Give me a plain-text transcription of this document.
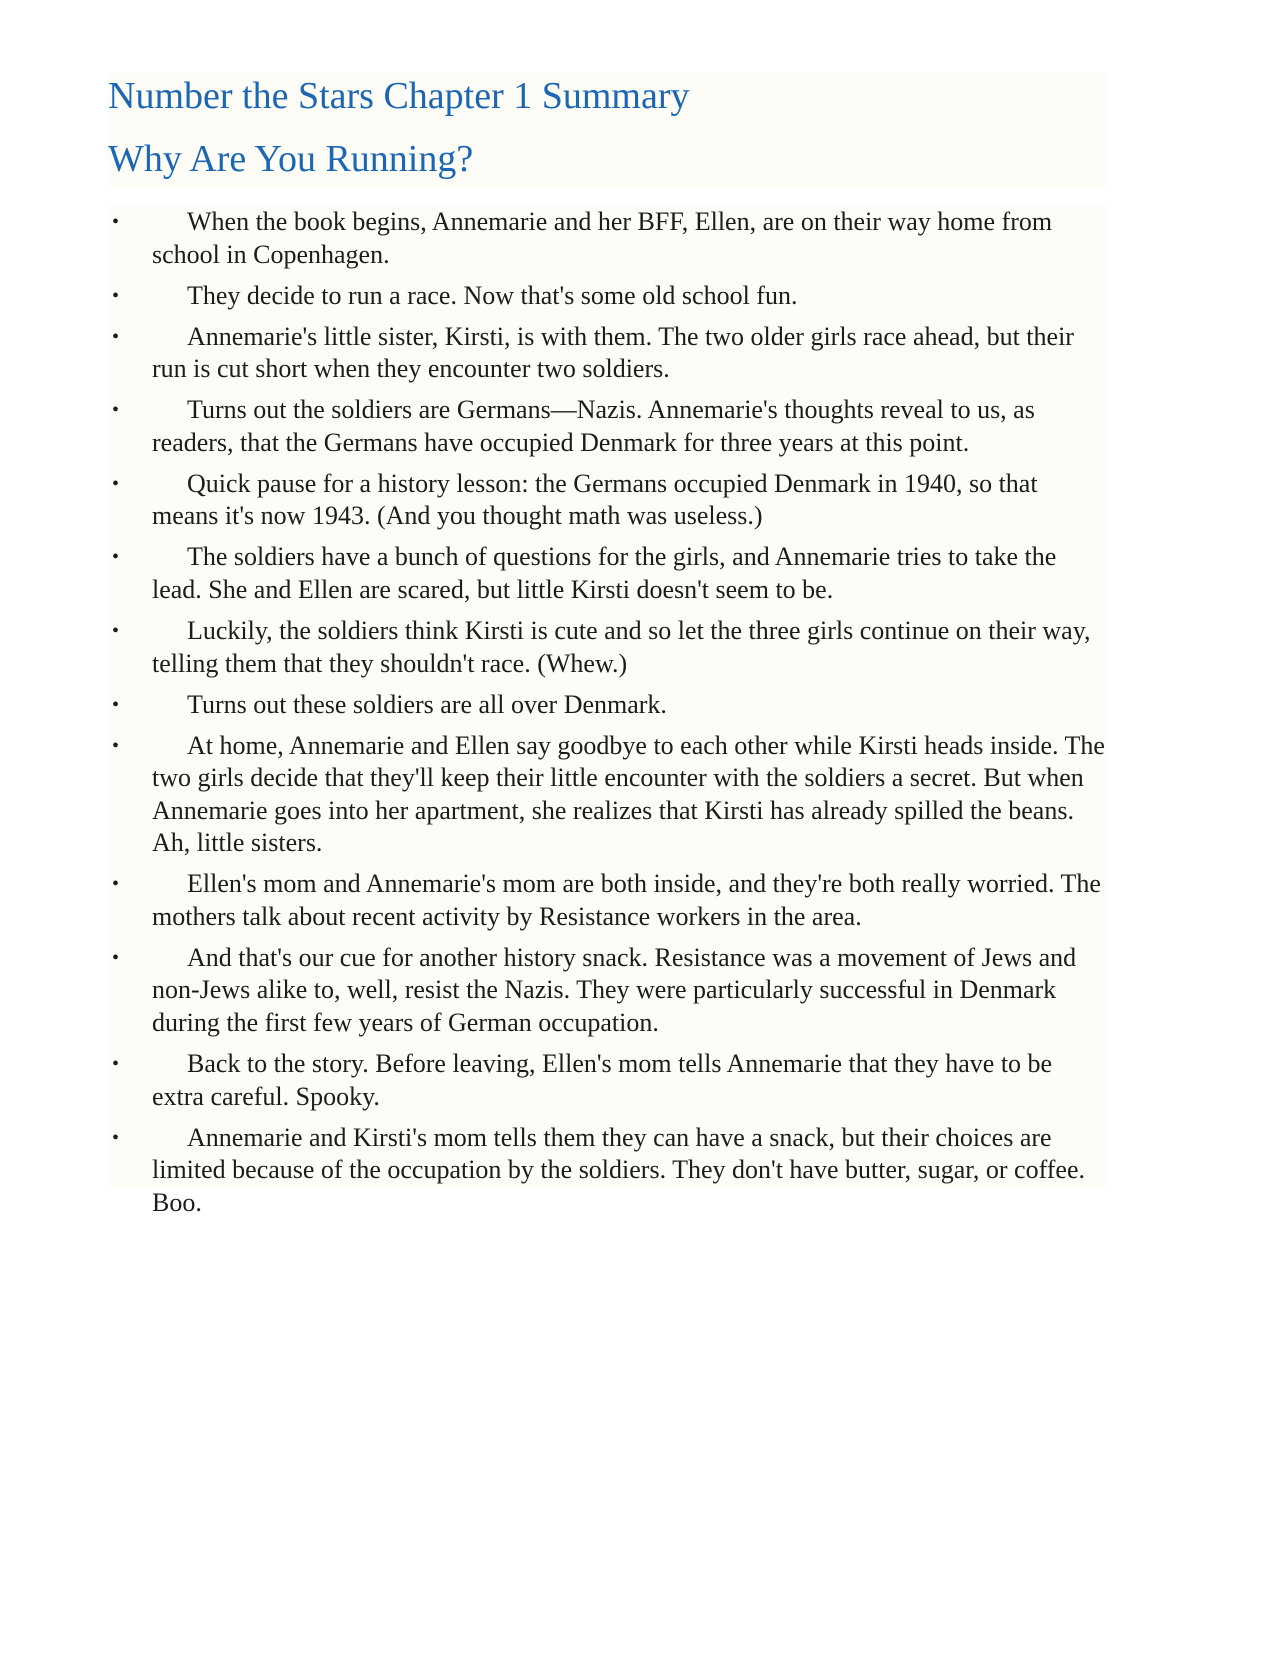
Number the Stars Chapter 1 Summary
Why Are You Running?
•	When the book begins, Annemarie and her BFF, Ellen, are on their way home from school in Copenhagen.
•	They decide to run a race. Now that's some old school fun.
•	Annemarie's little sister, Kirsti, is with them. The two older girls race ahead, but their run is cut short when they encounter two soldiers.
•	Turns out the soldiers are Germans—Nazis. Annemarie's thoughts reveal to us, as readers, that the Germans have occupied Denmark for three years at this point.
•	Quick pause for a history lesson: the Germans occupied Denmark in 1940, so that means it's now 1943. (And you thought math was useless.)
•	The soldiers have a bunch of questions for the girls, and Annemarie tries to take the lead. She and Ellen are scared, but little Kirsti doesn't seem to be.
•	Luckily, the soldiers think Kirsti is cute and so let the three girls continue on their way, telling them that they shouldn't race. (Whew.)
•	Turns out these soldiers are all over Denmark.
•	At home, Annemarie and Ellen say goodbye to each other while Kirsti heads inside. The two girls decide that they'll keep their little encounter with the soldiers a secret. But when Annemarie goes into her apartment, she realizes that Kirsti has already spilled the beans. Ah, little sisters.
•	Ellen's mom and Annemarie's mom are both inside, and they're both really worried. The mothers talk about recent activity by Resistance workers in the area.
•	And that's our cue for another history snack. Resistance was a movement of Jews and non-Jews alike to, well, resist the Nazis. They were particularly successful in Denmark during the first few years of German occupation.
•	Back to the story. Before leaving, Ellen's mom tells Annemarie that they have to be extra careful. Spooky.
•	Annemarie and Kirsti's mom tells them they can have a snack, but their choices are limited because of the occupation by the soldiers. They don't have butter, sugar, or coffee. Boo.
